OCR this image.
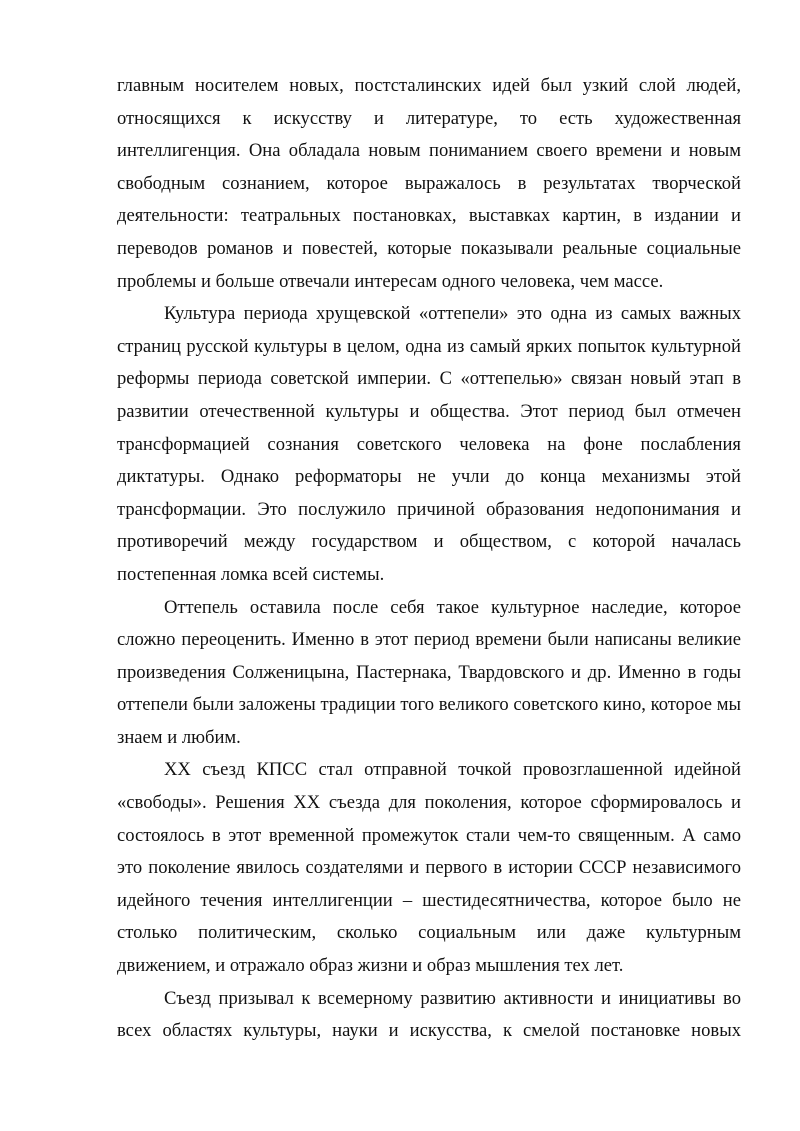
главным носителем новых, постсталинских идей был узкий слой людей, относящихся к искусству и литературе, то есть художественная интеллигенция. Она обладала новым пониманием своего времени и новым свободным сознанием, которое выражалось в результатах творческой деятельности: театральных постановках, выставках картин, в издании и переводов романов и повестей, которые показывали реальные социальные проблемы и больше отвечали интересам одного человека, чем массе.

Культура периода хрущевской «оттепели» это одна из самых важных страниц русской культуры в целом, одна из самый ярких попыток культурной реформы периода советской империи. С «оттепелью» связан новый этап в развитии отечественной культуры и общества. Этот период был отмечен трансформацией сознания советского человека на фоне послабления диктатуры. Однако реформаторы не учли до конца механизмы этой трансформации. Это послужило причиной образования недопонимания и противоречий между государством и обществом, с которой началась постепенная ломка всей системы.

Оттепель оставила после себя такое культурное наследие, которое сложно переоценить. Именно в этот период времени были написаны великие произведения Солженицына, Пастернака, Твардовского и др. Именно в годы оттепели были заложены традиции того великого советского кино, которое мы знаем и любим.

XX съезд КПСС стал отправной точкой провозглашенной идейной «свободы». Решения XX съезда для поколения, которое сформировалось и состоялось в этот временной промежуток стали чем-то священным. А само это поколение явилось создателями и первого в истории СССР независимого идейного течения интеллигенции – шестидесятничества, которое было не столько политическим, сколько социальным или даже культурным движением, и отражало образ жизни и образ мышления тех лет.

Съезд призывал к всемерному развитию активности и инициативы во всех областях культуры, науки и искусства, к смелой постановке новых
